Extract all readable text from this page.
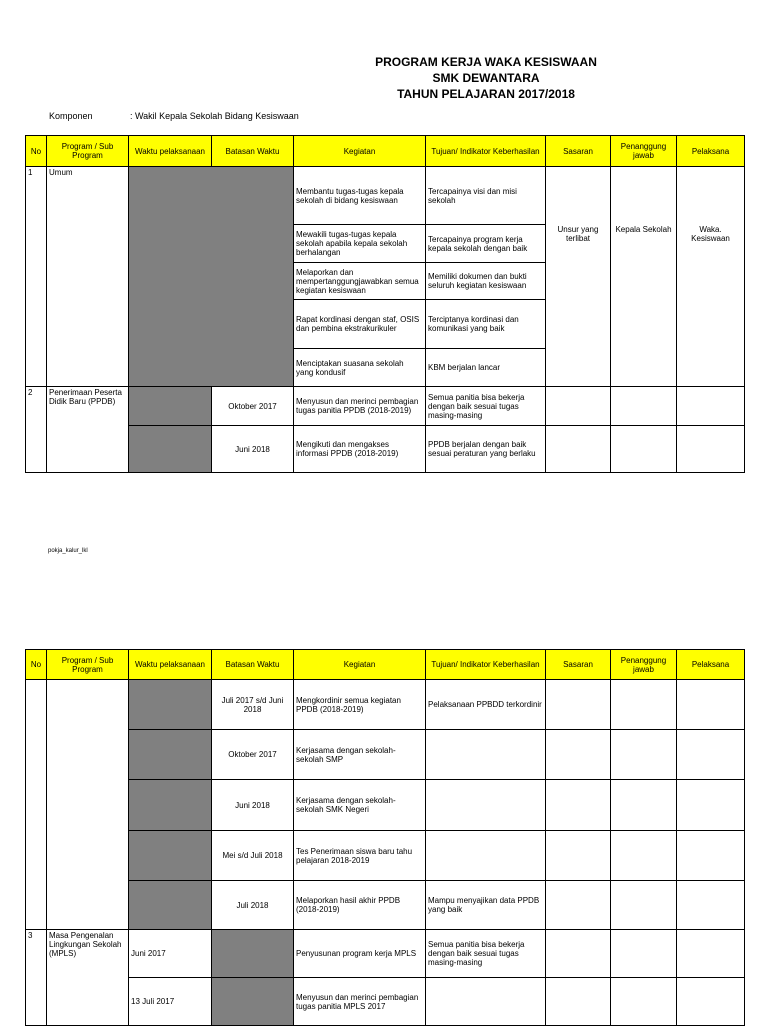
PROGRAM KERJA WAKA KESISWAAN
SMK DEWANTARA
TAHUN PELAJARAN 2017/2018
Komponen	: Wakil Kepala Sekolah Bidang Kesiswaan
No	Program / Sub Program	Waktu pelaksanaan	Batasan Waktu	Kegiatan	Tujuan/ Indikator Keberhasilan	Sasaran	Penanggung jawab	Pelaksana
1	Umum			Membantu tugas-tugas kepala sekolah di bidang kesiswaan	Tercapainya visi dan misi sekolah			
				Mewakili tugas-tugas kepala sekolah apabila kepala sekolah berhalangan	Tercapainya program kerja kepala sekolah dengan baik	Unsur yang terlibat	Kepala Sekolah	Waka. Kesiswaan
				Melaporkan dan mempertanggungjawabkan semua kegiatan kesiswaan	Memiliki dokumen dan bukti seluruh kegiatan kesiswaan			
				Rapat kordinasi dengan staf, OSIS dan pembina ekstrakurikuler	Terciptanya kordinasi dan komunikasi yang baik			
				Menciptakan suasana sekolah yang kondusif	KBM berjalan lancar			
2	Penerimaan Peserta Didik Baru (PPDB)		Oktober 2017	Menyusun dan merinci pembagian tugas panitia PPDB (2018-2019)	Semua panitia bisa bekerja dengan baik sesuai tugas masing-masing			
			Juni 2018	Mengikuti dan mengakses informasi PPDB (2018-2019)	PPDB berjalan dengan baik sesuai peraturan yang berlaku			
pokja_kalur_lkl
No	Program / Sub Program	Waktu pelaksanaan	Batasan Waktu	Kegiatan	Tujuan/ Indikator Keberhasilan	Sasaran	Penanggung jawab	Pelaksana
			Juli 2017 s/d Juni 2018	Mengkordinir semua kegiatan PPDB (2018-2019)	Pelaksanaan PPBDD terkordinir			
			Oktober 2017	Kerjasama dengan sekolah-sekolah SMP				
			Juni 2018	Kerjasama dengan sekolah-sekolah SMK Negeri				
			Mei s/d Juli 2018	Tes Penerimaan siswa baru tahu pelajaran 2018-2019				
			Juli 2018	Melaporkan hasil akhir PPDB (2018-2019)	Mampu menyajikan data PPDB yang baik			
3	Masa Pengenalan Lingkungan Sekolah (MPLS)	Juni 2017		Penyusunan program kerja MPLS	Semua panitia bisa bekerja dengan baik sesuai tugas masing-masing			
		13 Juli 2017		Menyusun dan merinci pembagian tugas panitia MPLS 2017				
